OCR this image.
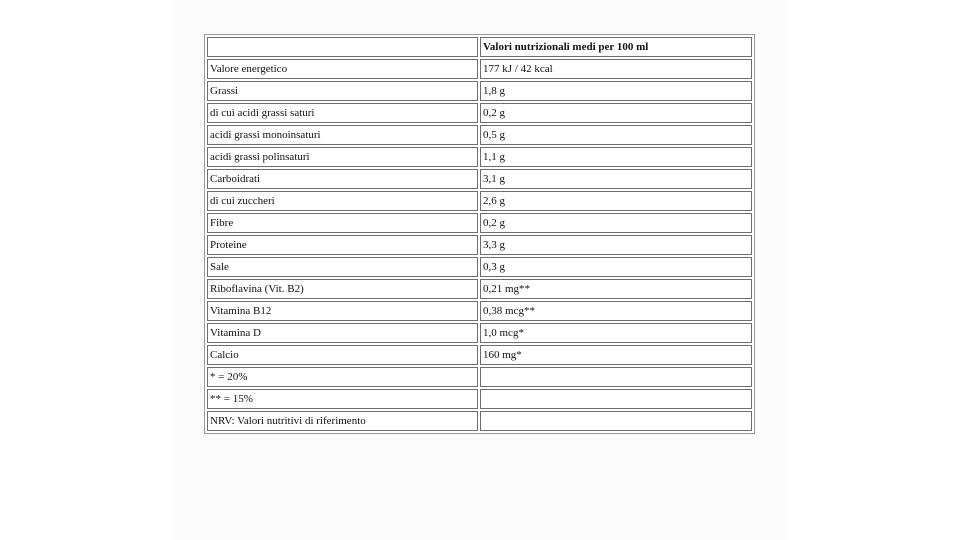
	Valori nutrizionali medi per 100 ml
Valore energetico	177 kJ / 42 kcal
Grassi	1,8 g
di cui acidi grassi saturi	0,2 g
acidi grassi monoinsaturi	0,5 g
acidi grassi polinsaturi	1,1 g
Carboidrati	3,1 g
di cui zuccheri	2,6 g
Fibre	0,2 g
Proteine	3,3 g
Sale	0,3 g
Riboflavina (Vit. B2)	0,21 mg**
Vitamina B12	0,38 mcg**
Vitamina D	1,0 mcg*
Calcio	160 mg*
* = 20%	
** = 15%	
NRV: Valori nutritivi di riferimento	
